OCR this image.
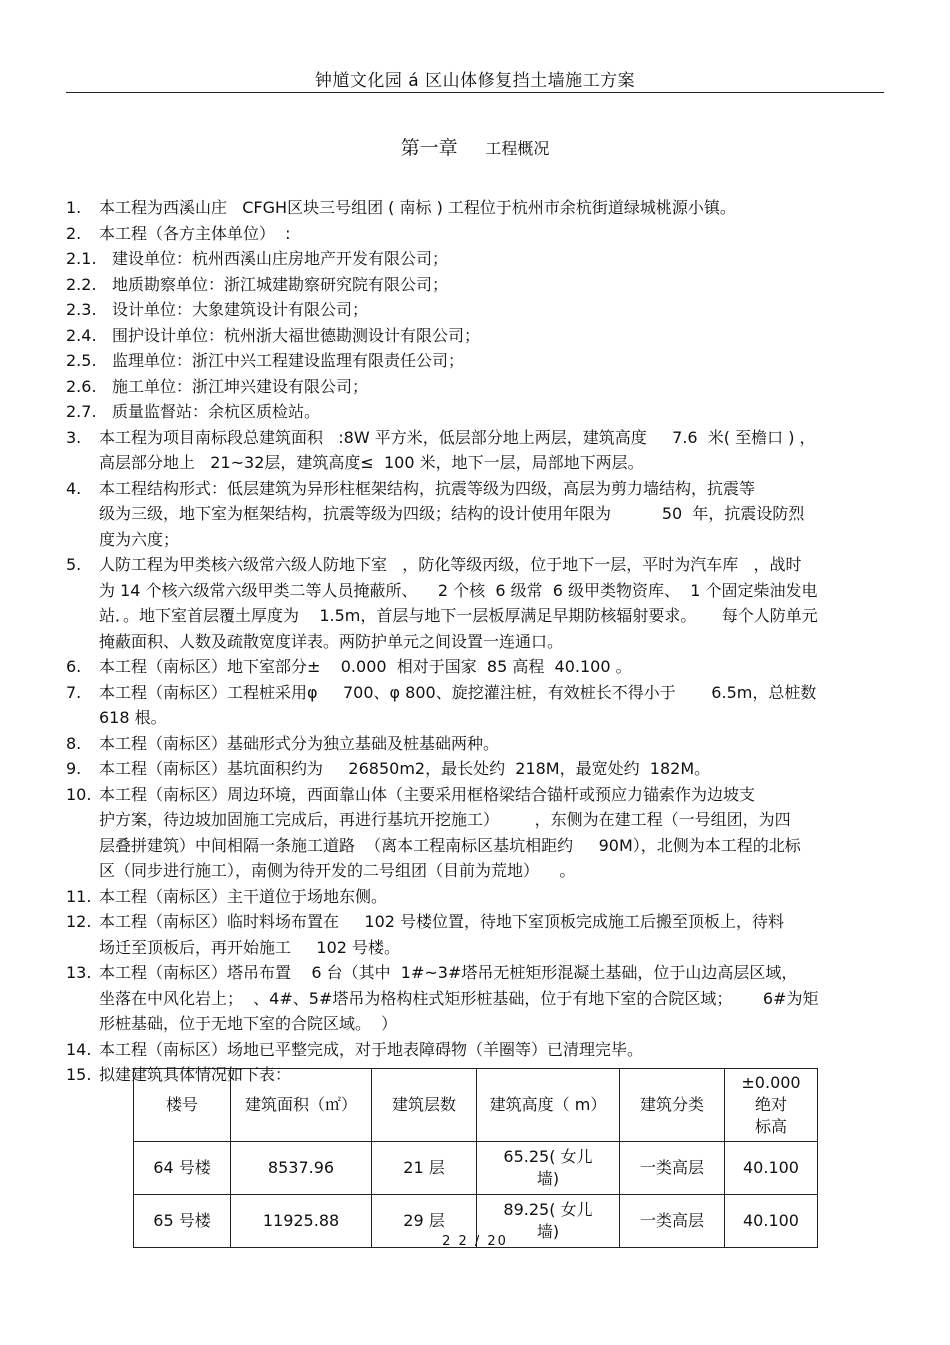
钟馗文化园 á 区山体修复挡土墙施工方案
第一章 工程概况
1.	本工程为西溪山庄   CFGH区块三号组团 ( 南标 ) 工程位于杭州市余杭街道绿城桃源小镇。
2.	本工程（各方主体单位）  :
2.1. 建设单位：杭州西溪山庄房地产开发有限公司；
2.2. 地质勘察单位：浙江城建勘察研究院有限公司；
2.3. 设计单位：大象建筑设计有限公司；
2.4. 围护设计单位：杭州浙大福世德勘测设计有限公司；
2.5. 监理单位：浙江中兴工程建设监理有限责任公司；
2.6. 施工单位：浙江坤兴建设有限公司；
2.7. 质量监督站：余杭区质检站。
3.	本工程为项目南标段总建筑面积   :8W 平方米，低层部分地上两层，建筑高度     7.6  米( 至檐口 ) ，
高层部分地上   21~32层，建筑高度≤  100 米，地下一层，局部地下两层。
4.	本工程结构形式：低层建筑为异形柱框架结构，抗震等级为四级，高层为剪力墙结构，抗震等
级为三级，地下室为框架结构，抗震等级为四级；结构的设计使用年限为          50  年，抗震设防烈
度为六度；
5.	人防工程为甲类核六级常六级人防地下室   ，防化等级丙级，位于地下一层，平时为汽车库   ，战时
为 14 个核六级常六级甲类二等人员掩蔽所、    2 个核  6 级常  6 级甲类物资库、  1 个固定柴油发电
站．。地下室首层覆土厚度为    1.5m，首层与地下一层板厚满足早期防核辐射要求。     每个人防单元
掩蔽面积、人数及疏散宽度详表。两防护单元之间设置一连通口。
6.	本工程（南标区）地下室部分±    0.000  相对于国家  85 高程  40.100 。
7.	本工程（南标区）工程桩采用φ     700、φ 800、旋挖灌注桩，有效桩长不得小于       6.5m，总桩数
618 根。
8.	本工程（南标区）基础形式分为独立基础及桩基础两种。
9.	本工程（南标区）基坑面积约为     26850m2，最长处约  218M，最宽处约  182M。
10. 本工程（南标区）周边环境，西面靠山体（主要采用框格梁结合锚杆或预应力锚索作为边坡支
护方案，待边坡加固施工完成后，再进行基坑开挖施工）       ，东侧为在建工程（一号组团，为四
层叠拼建筑）中间相隔一条施工道路  （离本工程南标区基坑相距约     90M），北侧为本工程的北标
区（同步进行施工），南侧为待开发的二号组团（目前为荒地）    。
11. 本工程（南标区）主干道位于场地东侧。
12. 本工程（南标区）临时料场布置在     102 号楼位置，待地下室顶板完成施工后搬至顶板上，待料
场迁至顶板后，再开始施工     102 号楼。
13. 本工程（南标区）塔吊布置    6 台（其中  1#~3#塔吊无桩矩形混凝土基础，位于山边高层区域，
坐落在中风化岩上；  、4#、5#塔吊为格构柱式矩形桩基础，位于有地下室的合院区域；      6#为矩
形桩基础，位于无地下室的合院区域。  ）
14. 本工程（南标区）场地已平整完成，对于地表障碍物（羊圈等）已清理完毕。
15. 拟建建筑具体情况如下表：
楼号	建筑面积（㎡）	建筑层数	建筑高度（ m）	建筑分类	±0.000 绝对
标高
64 号楼	8537.96	21 层	65.25( 女儿
墙)	一类高层	40.100
65 号楼	11925.88	29 层	89.25( 女儿
墙)	一类高层	40.100
2 2 / 20
